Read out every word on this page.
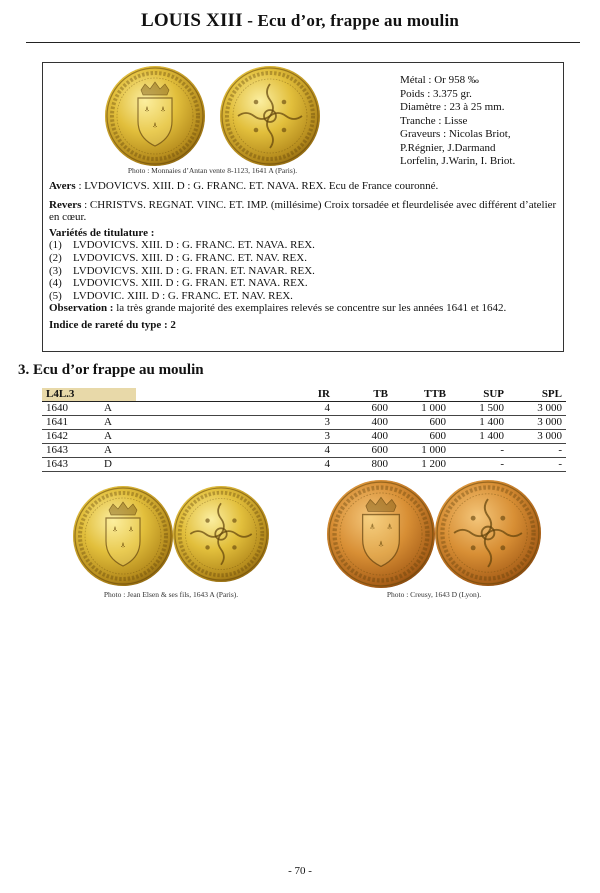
LOUIS XIII - Ecu d’or, frappe au moulin
Photo : Monnaies d’Antan vente 8-1123, 1641 A (Paris).
Métal : Or 958 ‰
Poids : 3.375 gr.
Diamètre : 23 à 25 mm.
Tranche : Lisse
Graveurs : Nicolas Briot,
P.Régnier, J.Darmand
Lorfelin, J.Warin, I. Briot.

Avers : LVDOVICVS. XIII. D : G. FRANC. ET. NAVA. REX. Ecu de France couronné.

Revers : CHRISTVS. REGNAT. VINC. ET. IMP. (millésime) Croix torsadée et fleurdelisée avec différent d’atelier en cœur.

Variétés de titulature :

(1) LVDOVICVS. XIII. D : G. FRANC. ET. NAVA. REX.
(2) LVDOVICVS. XIII. D : G. FRANC. ET. NAV. REX.
(3) LVDOVICVS. XIII. D : G. FRAN. ET. NAVAR. REX.
(4) LVDOVICVS. XIII. D : G. FRAN. ET. NAVA. REX.
(5) LVDOVIC. XIII. D : G. FRANC. ET. NAV. REX.

Observation : la très grande majorité des exemplaires relevés se concentre sur les années 1641 et 1642.

Indice de rareté du type : 2

3. Ecu d’or frappe au moulin
L4L.3		IR	TB	TTB	SUP	SPL
1640	A	4	600	1 000	1 500	3 000
1641	A	3	400	600	1 400	3 000
1642	A	3	400	600	1 400	3 000
1643	A	4	600	1 000	-	-
1643	D	4	800	1 200	-	-
Photo : Jean Elsen & ses fils, 1643 A (Paris).	Photo : Creusy, 1643 D (Lyon).
- 70 -
